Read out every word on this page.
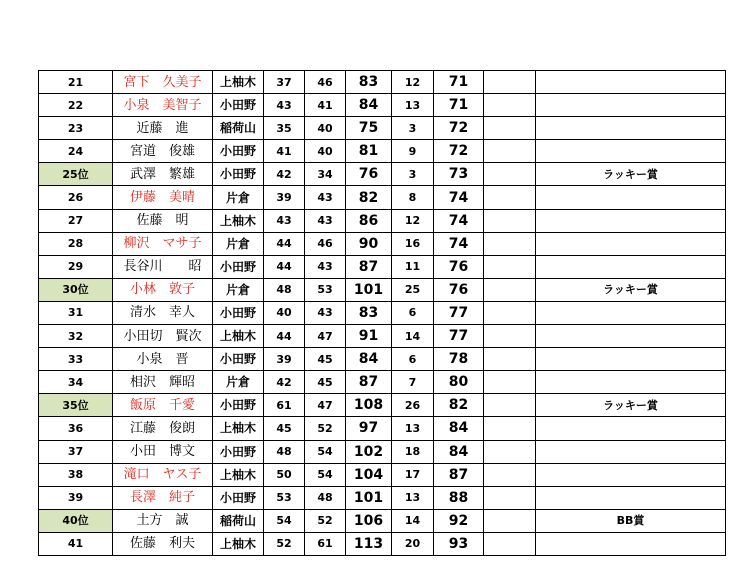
21	宮下　久美子	上柚木	37	46	83	12	71		
22	小泉　美智子	小田野	43	41	84	13	71		
23	近藤　進	稲荷山	35	40	75	3	72		
24	宮道　俊雄	小田野	41	40	81	9	72		
25位	武澤　繁雄	小田野	42	34	76	3	73		ラッキー賞
26	伊藤　美晴	片倉	39	43	82	8	74		
27	佐藤　明	上柚木	43	43	86	12	74		
28	柳沢　マサ子	片倉	44	46	90	16	74		
29	長谷川　　昭	小田野	44	43	87	11	76		
30位	小林　敦子	片倉	48	53	101	25	76		ラッキー賞
31	清水　幸人	小田野	40	43	83	6	77		
32	小田切　賢次	上柚木	44	47	91	14	77		
33	小泉　晋	小田野	39	45	84	6	78		
34	相沢　輝昭	片倉	42	45	87	7	80		
35位	飯原　千愛	小田野	61	47	108	26	82		ラッキー賞
36	江藤　俊朗	上柚木	45	52	97	13	84		
37	小田　博文	小田野	48	54	102	18	84		
38	滝口　ヤス子	上柚木	50	54	104	17	87		
39	長澤　純子	小田野	53	48	101	13	88		
40位	土方　誠	稲荷山	54	52	106	14	92		BB賞
41	佐藤　利夫	上柚木	52	61	113	20	93		
